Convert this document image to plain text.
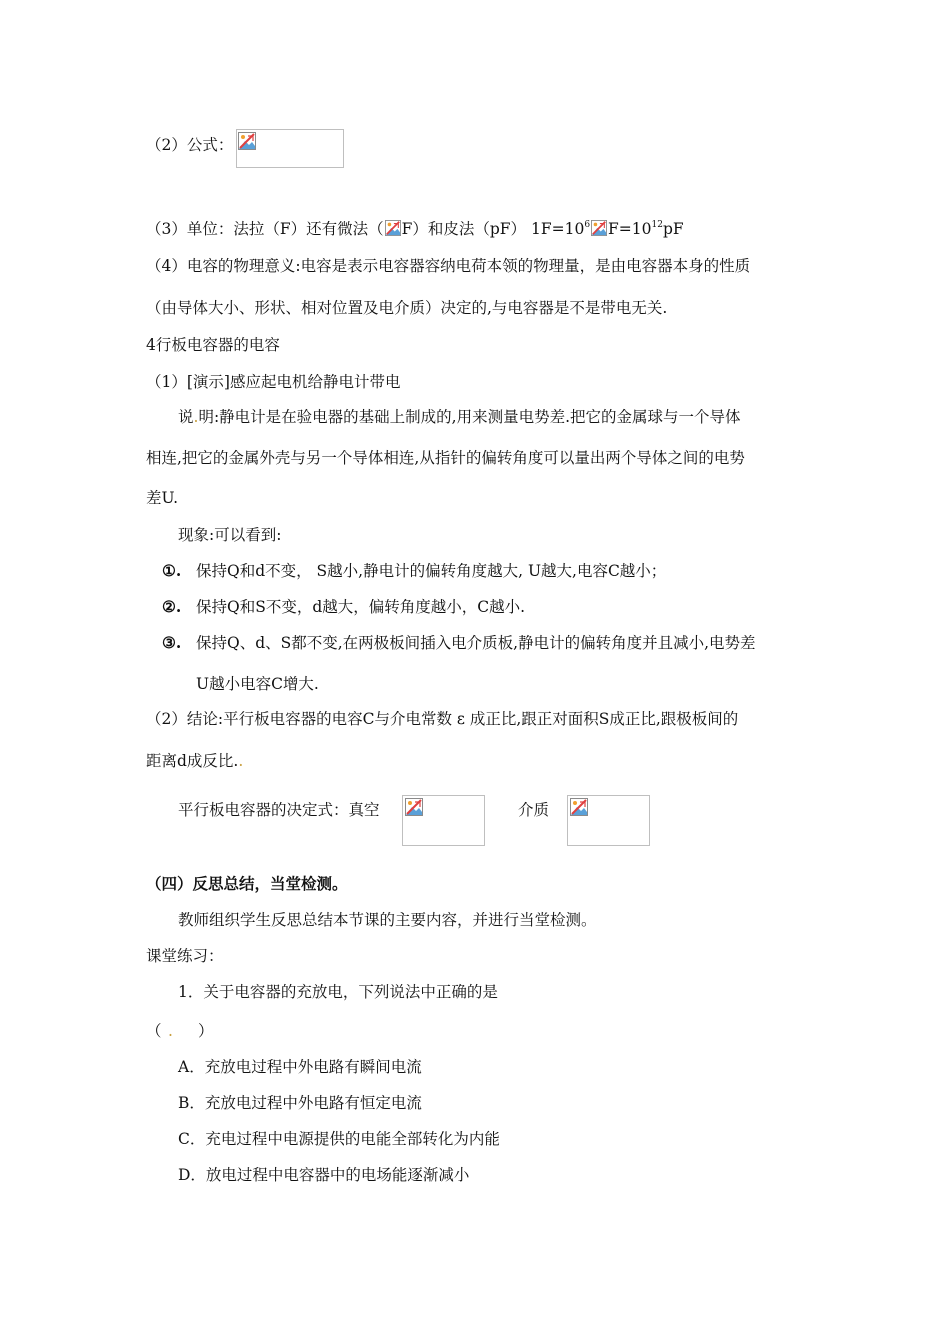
（2）公式：
（3）单位：法拉（F）还有微法（ F）和皮法（pF） $1F=10^6$ $F=10^{12}pF$
（4）电容的物理意义:电容是表示电容器容纳电荷本领的物理量，是由电容器本身的性质
（由导体大小、形状、相对位置及电介质）决定的,与电容器是不是带电无关.
4行板电容器的电容
（1）[演示]感应起电机给静电计带电
说.明:静电计是在验电器的基础上制成的,用来测量电势差.把它的金属球与一个导体
相连,把它的金属外壳与另一个导体相连,从指针的偏转角度可以量出两个导体之间的电势
差U.
现象:可以看到:
①. 保持Q和d不变， S越小,静电计的偏转角度越大, U越大,电容C越小；
②. 保持Q和S不变，d越大，偏转角度越小，C越小.
③. 保持Q、d、S都不变,在两极板间插入电介质板,静电计的偏转角度并且减小,电势差
U越小电容C增大.
（2）结论:平行板电容器的电容C与介电常数 ε 成正比,跟正对面积S成正比,跟极板间的
距离d成反比..
平行板电容器的决定式：真空	介质
（四）反思总结，当堂检测。
教师组织学生反思总结本节课的主要内容，并进行当堂检测。
课堂练习：
1．关于电容器的充放电，下列说法中正确的是
（ . ）
A．充放电过程中外电路有瞬间电流
B．充放电过程中外电路有恒定电流
C．充电过程中电源提供的电能全部转化为内能
D．放电过程中电容器中的电场能逐渐减小
